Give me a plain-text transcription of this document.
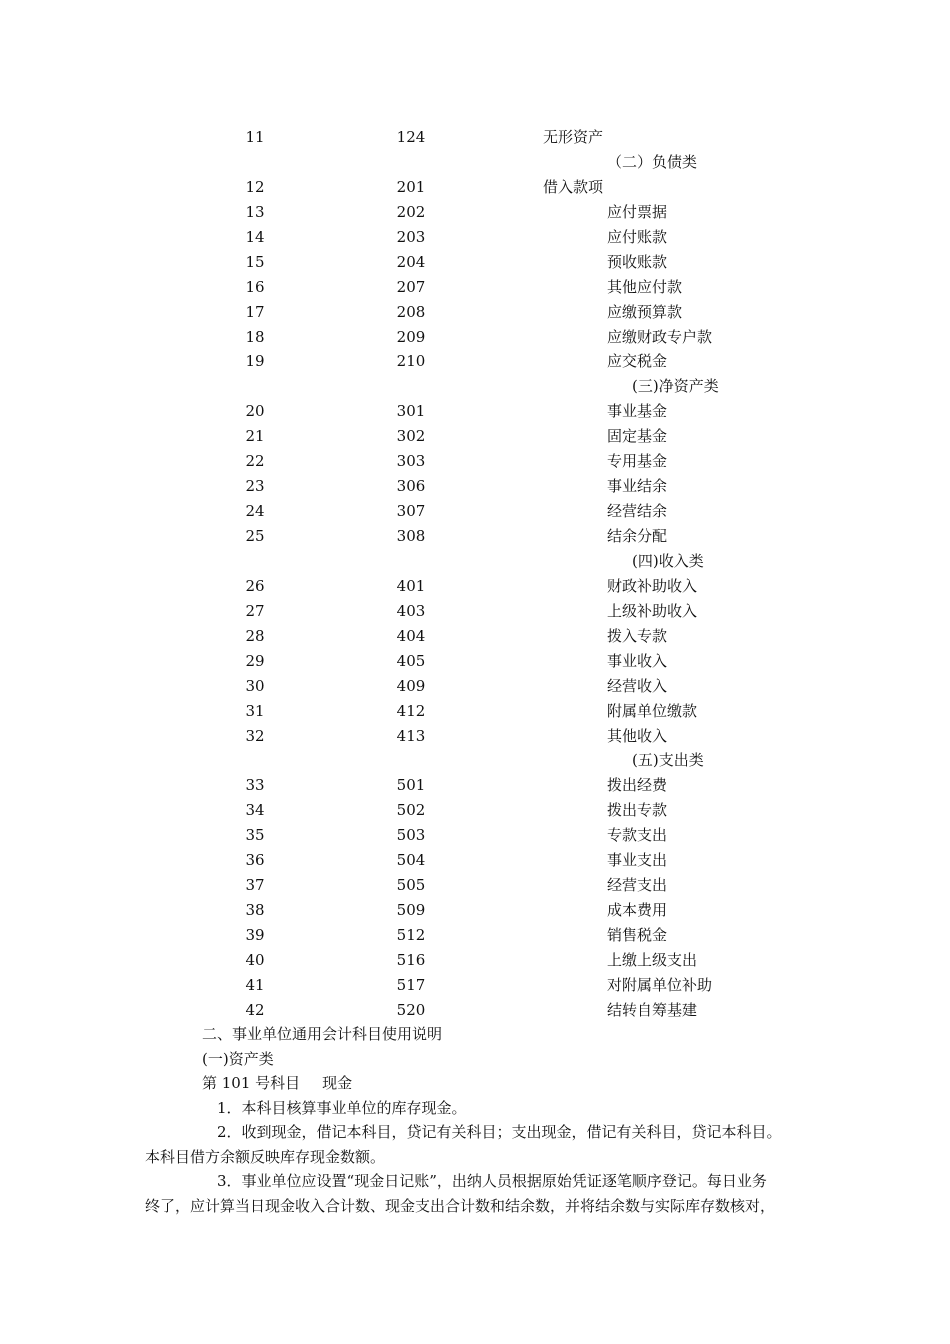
11	124	无形资产
（二）负债类
12	201	借入款项
13	202	应付票据
14	203	应付账款
15	204	预收账款
16	207	其他应付款
17	208	应缴预算款
18	209	应缴财政专户款
19	210	应交税金
(三)净资产类
20	301	事业基金
21	302	固定基金
22	303	专用基金
23	306	事业结余
24	307	经营结余
25	308	结余分配
(四)收入类
26	401	财政补助收入
27	403	上级补助收入
28	404	拨入专款
29	405	事业收入
30	409	经营收入
31	412	附属单位缴款
32	413	其他收入
(五)支出类
33	501	拨出经费
34	502	拨出专款
35	503	专款支出
36	504	事业支出
37	505	经营支出
38	509	成本费用
39	512	销售税金
40	516	上缴上级支出
41	517	对附属单位补助
42	520	结转自筹基建

二、事业单位通用会计科目使用说明

(一)资产类

第 101 号科目 现金

1．本科目核算事业单位的库存现金。

2．收到现金，借记本科目，贷记有关科目；支出现金，借记有关科目，贷记本科目。

本科目借方余额反映库存现金数额。

3．事业单位应设置“现金日记账”，出纳人员根据原始凭证逐笔顺序登记。每日业务

终了，应计算当日现金收入合计数、现金支出合计数和结余数，并将结余数与实际库存数核对，
